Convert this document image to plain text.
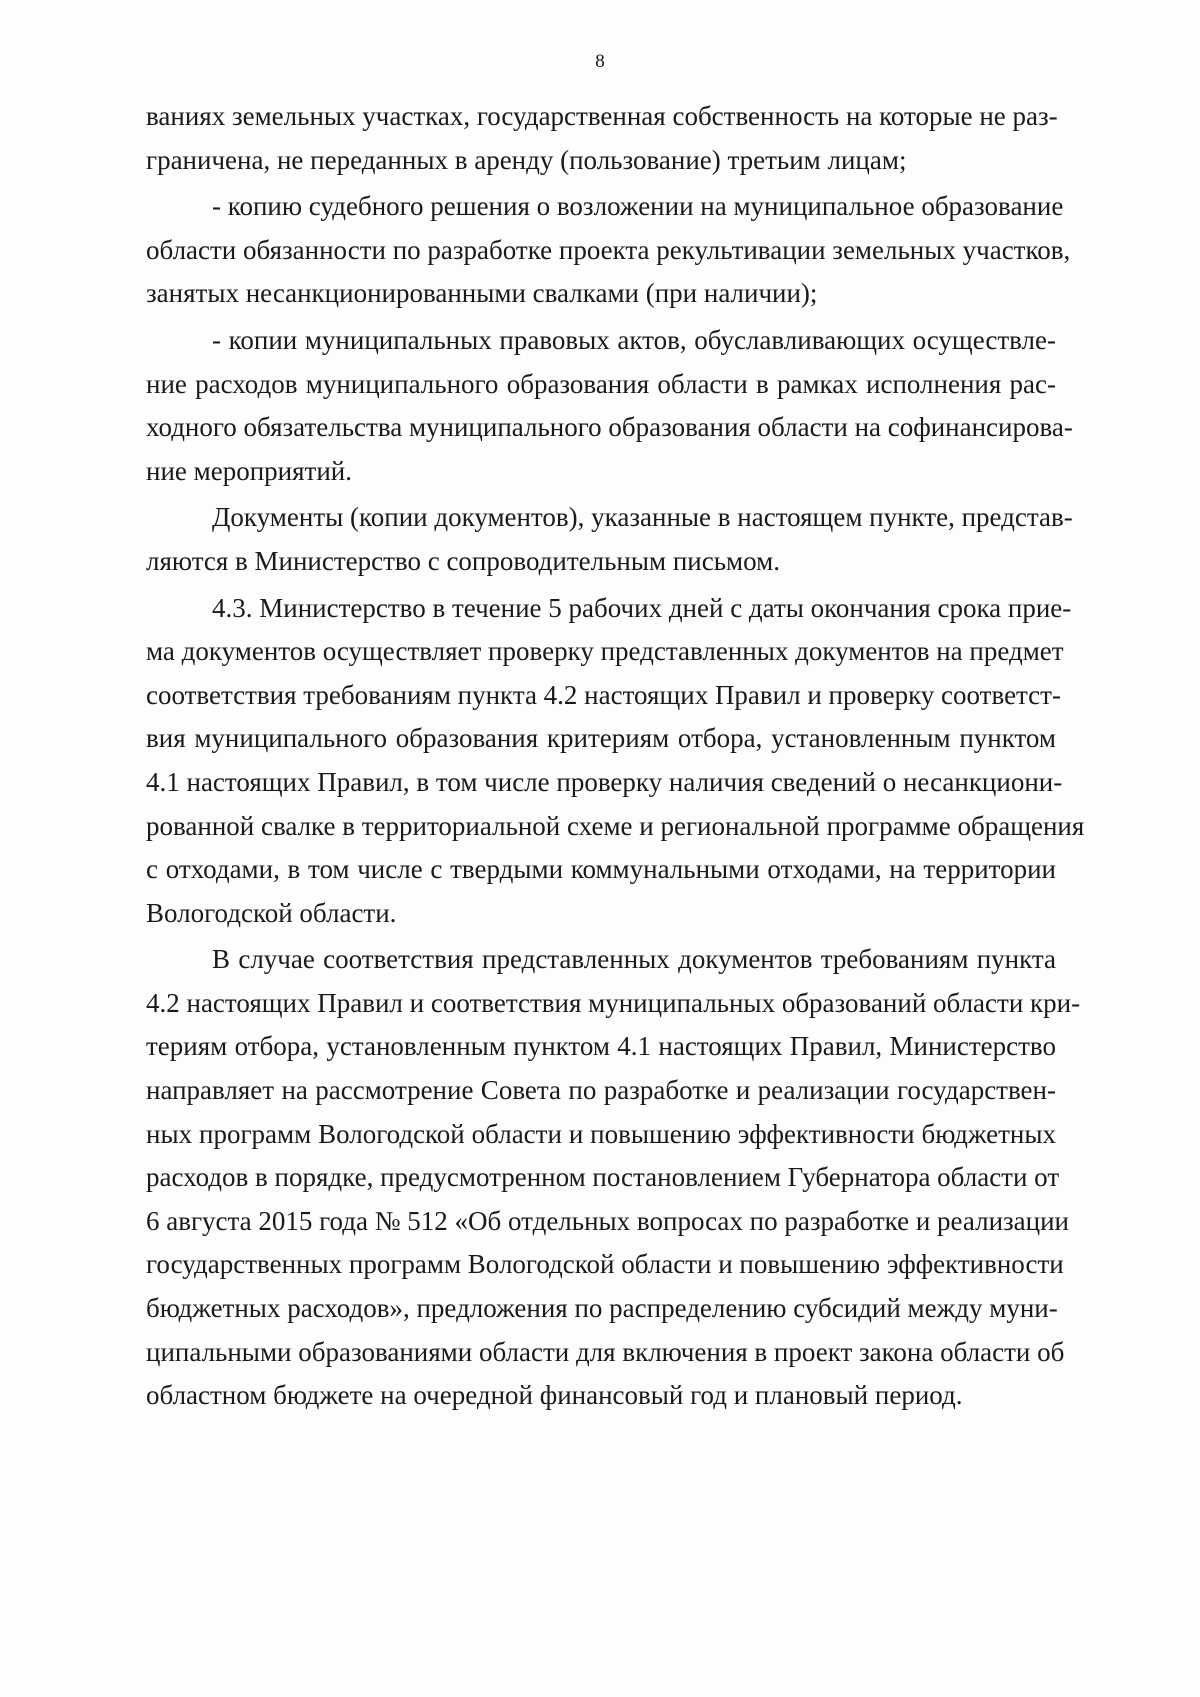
8
ваниях земельных участках, государственная собственность на которые не раз-
граничена, не переданных в аренду (пользование) третьим лицам;
- копию судебного решения о возложении на муниципальное образование
области обязанности по разработке проекта рекультивации земельных участков,
занятых несанкционированными свалками (при наличии);
- копии муниципальных правовых актов, обуславливающих осуществле-
ние расходов муниципального образования области в рамках исполнения рас-
ходного обязательства муниципального образования области на софинансирова-
ние мероприятий.
Документы (копии документов), указанные в настоящем пункте, представ-
ляются в Министерство с сопроводительным письмом.
4.3. Министерство в течение 5 рабочих дней с даты окончания срока прие-
ма документов осуществляет проверку представленных документов на предмет
соответствия требованиям пункта 4.2 настоящих Правил и проверку соответст-
вия муниципального образования критериям отбора, установленным пунктом
4.1 настоящих Правил, в том числе проверку наличия сведений о несанкциони-
рованной свалке в территориальной схеме и региональной программе обращения
с отходами, в том числе с твердыми коммунальными отходами, на территории
Вологодской области.
В случае соответствия представленных документов требованиям пункта
4.2 настоящих Правил и соответствия муниципальных образований области кри-
териям отбора, установленным пунктом 4.1 настоящих Правил, Министерство
направляет на рассмотрение Совета по разработке и реализации государствен-
ных программ Вологодской области и повышению эффективности бюджетных
расходов в порядке, предусмотренном постановлением Губернатора области от
6 августа 2015 года № 512 «Об отдельных вопросах по разработке и реализации
государственных программ Вологодской области и повышению эффективности
бюджетных расходов», предложения по распределению субсидий между муни-
ципальными образованиями области для включения в проект закона области об
областном бюджете на очередной финансовый год и плановый период.
